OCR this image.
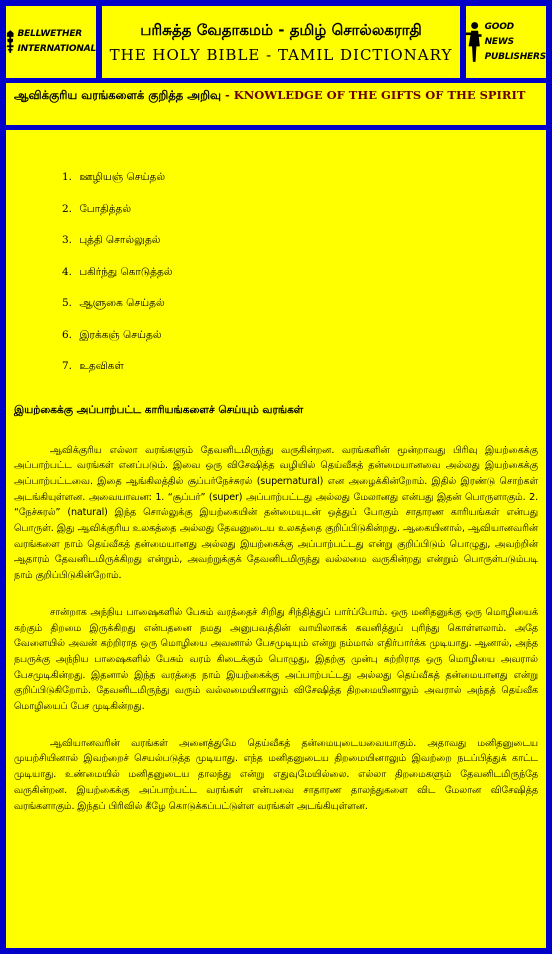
BELLWETHER
INTERNATIONAL
பரிசுத்த வேதாகமம் - தமிழ் சொல்லகராதி
THE HOLY BIBLE - TAMIL DICTIONARY
GOOD NEWS
PUBLISHERS
ஆவிக்குரிய வரங்களைக் குறித்த அறிவு - KNOWLEDGE OF THE GIFTS OF THE SPIRIT
1. ஊழியஞ் செய்தல்
2. போதித்தல்
3. புத்தி சொல்லுதல்
4. பகிர்ந்து கொடுத்தல்
5. ஆளுகை செய்தல்
6. இரக்கஞ் செய்தல்
7. உதவிகள்
இயற்கைக்கு அப்பாற்பட்ட காரியங்களைச் செய்யும் வரங்கள்

ஆவிக்குரிய எல்லா வரங்களும் தேவனிடமிருந்து வருகின்றன. வரங்களின் மூன்றாவது பிரிவு இயற்கைக்கு அப்பாற்பட்ட வரங்கள் எனப்படும். இவை ஒரு விசேஷித்த வழியில் தெய்வீகத் தன்மையானவை அல்லது இயற்கைக்கு அப்பாற்பட்டவை. இதை ஆங்கிலத்தில் சூப்பர்நேச்சுரல் (supernatural) என அழைக்கின்றோம். இதில் இரண்டு சொற்கள் அடங்கியுள்ளன. அவையாவன: 1. “சூப்பர்” (super) அப்பாற்பட்டது அல்லது மேலானது என்பது இதன் பொருளாகும். 2. “நேச்சுரல்” (natural) இந்த சொல்லுக்கு இயற்கையின் தன்மையுடன் ஒத்துப் போகும் சாதாரண காரியங்கள் என்பது பொருள். இது ஆவிக்குரிய உலகத்தை அல்லது தேவனுடைய உலகத்தை குறிப்பிடுகின்றது. ஆகையினால், ஆவியானவரின் வரங்களை நாம் தெய்வீகத் தன்மையானது அல்லது இயற்கைக்கு அப்பாற்பட்டது என்று குறிப்பிடும் பொழுது, அவற்றின் ஆதாரம் தேவனிடமிருக்கிறது என்றும், அவற்றுக்குக் தேவனிடமிருந்து வல்லமை வருகின்றது என்றும் பொருள்படும்படி நாம் குறிப்பிடுகின்றோம்.

சான்றாக அந்நிய பாஷைகளில் பேசும் வரத்தைச் சிறிது சிந்தித்துப் பார்ப்போம். ஒரு மனிதனுக்கு ஒரு மொழியைக் கற்கும் திறமை இருக்கிறது என்பதனை நமது அனுபவத்தின் வாயிலாகக் கவனித்துப் புரிந்து கொள்ளலாம். அதே வேளையில் அவன் கற்றிராத ஒரு மொழியை அவனால் பேசமுடியும் என்று நம்மால் எதிர்பார்க்க முடியாது. ஆனால், அந்த நபருக்கு அந்நிய பாஷைகளில் பேசும் வரம் கிடைக்கும் பொழுது, இதற்கு முன்பு கற்றிராத ஒரு மொழியை அவரால் பேசமுடிகின்றது. இதனால் இந்த வரத்தை நாம் இயற்கைக்கு அப்பாற்பட்டது அல்லது தெய்வீகத் தன்மையானது என்று குறிப்பிடுகிறோம். தேவனிடமிருந்து வரும் வல்லமையினாலும் விசேஷித்த திறமையினாலும் அவரால் அந்தத் தெய்வீக மொழியைப் பேச முடிகின்றது.

ஆவியானவரின் வரங்கள் அனைத்துமே தெய்வீகத் தன்மையுடையவையாகும். அதாவது மனிதனுடைய முயற்சியினால் இவற்றைச் செயல்படுத்த முடியாது. எந்த மனிதனுடைய திறமையினாலும் இவற்றை நடப்பித்துக் காட்ட முடியாது. உண்மையில் மனிதனுடைய தாலந்து என்று எதுவுமேயில்லை. எல்லா திறமைகளும் தேவனிடமிருந்தே வருகின்றன. இயற்கைக்கு அப்பாற்பட்ட வரங்கள் என்பவை சாதாரண தாலந்துகளை விட மேலான விசேஷித்த வரங்களாகும். இந்தப் பிரிவில் கீழே கொடுக்கப்பட்டுள்ள வரங்கள் அடங்கியுள்ளன.
